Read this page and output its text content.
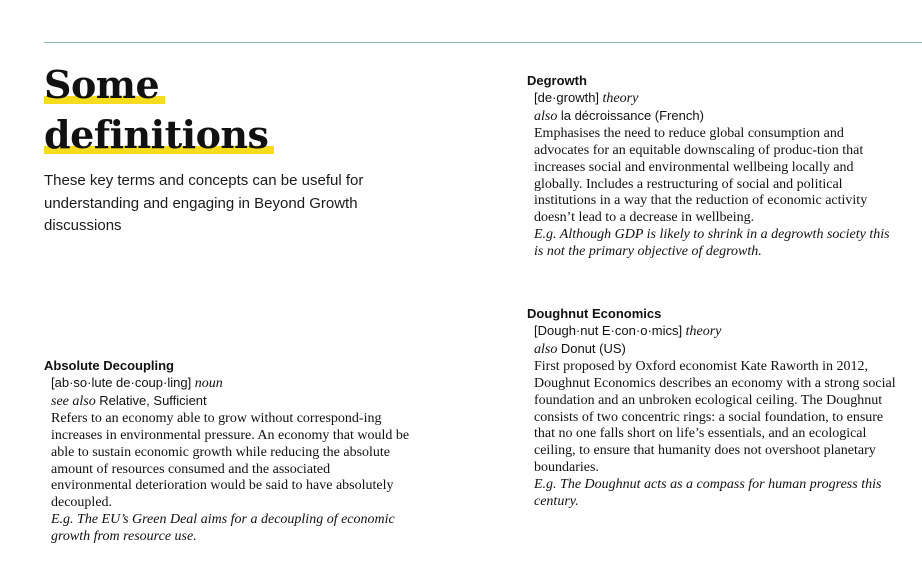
Some
definitions

These key terms and concepts can be useful for understanding and engaging in Beyond Growth discussions

Absolute Decoupling
[ab·so·lute de·coup·ling] noun
see also Relative, Sufficient
Refers to an economy able to grow without correspond-ing increases in environmental pressure. An economy that would be able to sustain economic growth while reducing the absolute amount of resources consumed and the associated environmental deterioration would be said to have absolutely decoupled.
E.g. The EU’s Green Deal aims for a decoupling of economic growth from resource use.
Degrowth
[de·growth] theory
also la décroissance (French)
Emphasises the need to reduce global consumption and advocates for an equitable downscaling of produc-tion that increases social and environmental wellbeing locally and globally. Includes a restructuring of social and political institutions in a way that the reduction of economic activity doesn’t lead to a decrease in wellbeing.
E.g. Although GDP is likely to shrink in a degrowth society this is not the primary objective of degrowth.
Doughnut Economics
[Dough·nut E·con·o·mics] theory
also Donut (US)
First proposed by Oxford economist Kate Raworth in 2012, Doughnut Economics describes an economy with a strong social foundation and an unbroken ecological ceiling. The Doughnut consists of two concentric rings: a social foundation, to ensure that no one falls short on life’s essentials, and an ecological ceiling, to ensure that humanity does not overshoot planetary boundaries.
E.g. The Doughnut acts as a compass for human progress this century.
